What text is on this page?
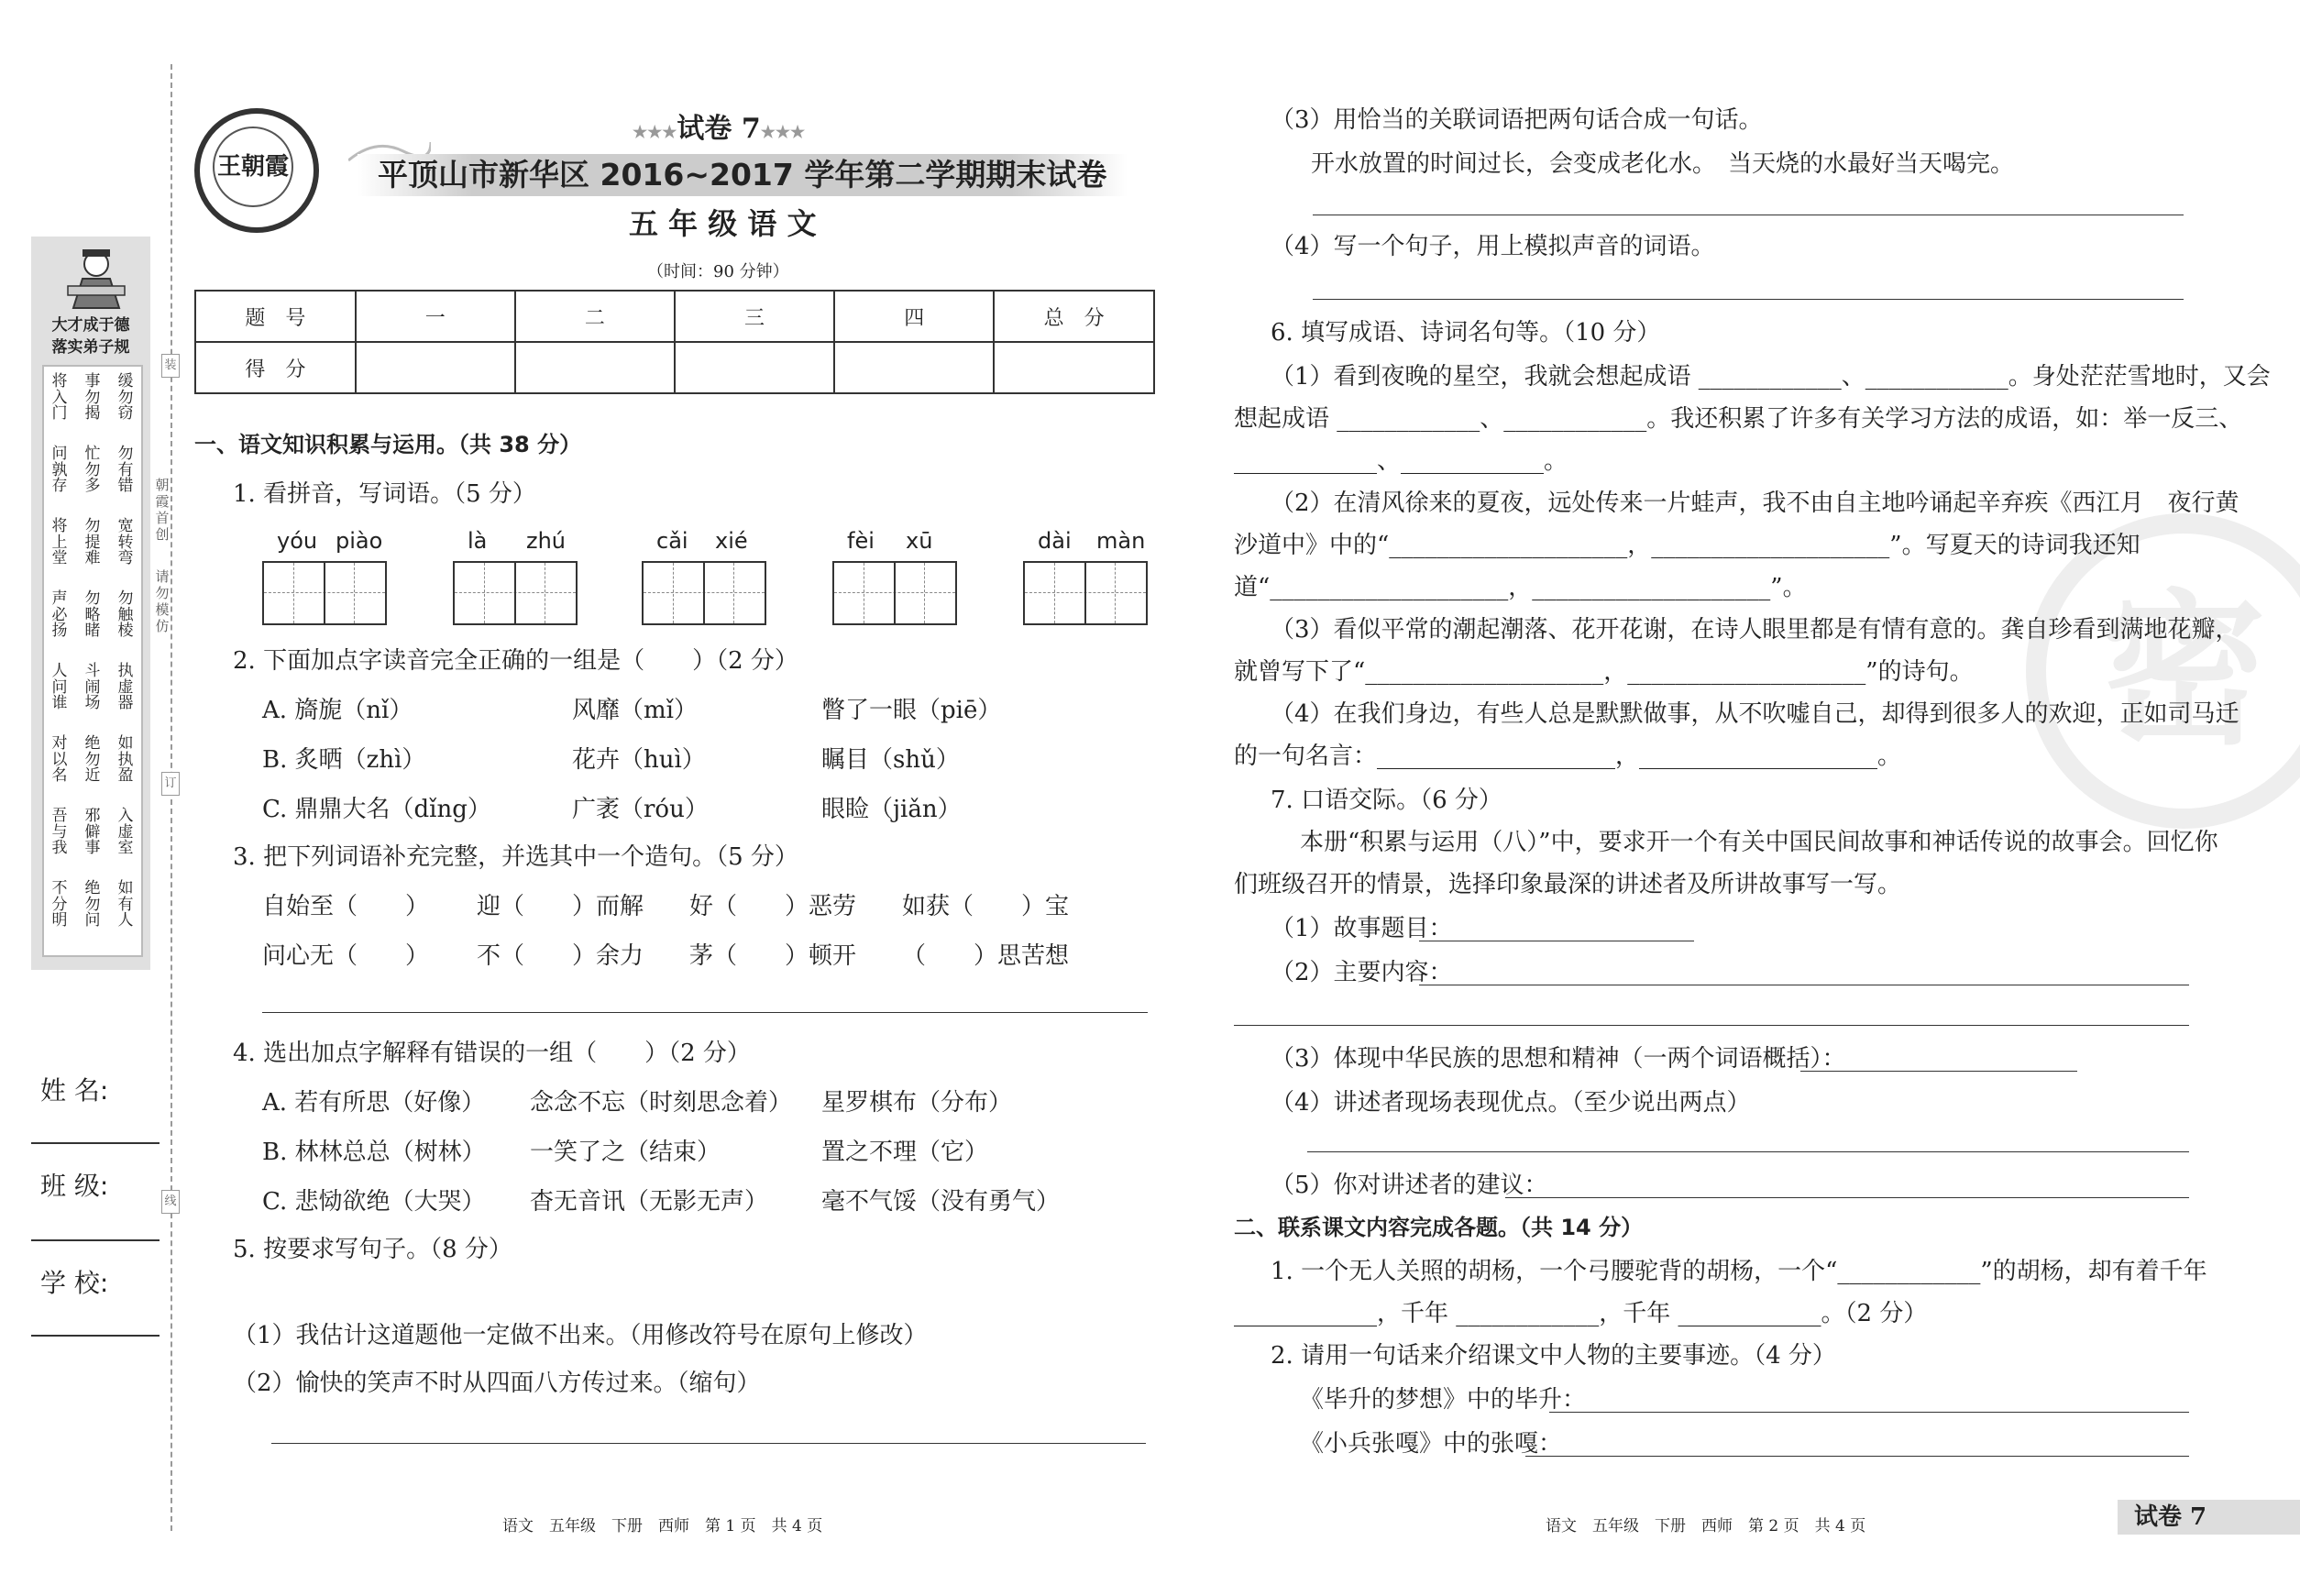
大才成于德
落实弟子规
将入门
事勿揭
缓勿窃
问孰存
忙勿多
勿有错
将上堂
勿提难
宽转弯
声必扬
勿略睹
勿触棱
人问谁
斗闹场
执虚器
对以名
绝勿近
如执盈
吾与我
邪僻事
入虚室
不分明
绝勿问
如有人
朝霞首创
请勿模仿
装
订
线
姓 名:
班 级:
学 校:
王朝霞
★★★试卷 7★★★
平顶山市新华区 2016~2017 学年第二学期期末试卷
五 年 级 语 文
（时间：90 分钟）
题　号	一	二	三	四	总　分
得　分					
一、语文知识积累与运用。（共 38 分）
1. 看拼音，写词语。（5 分）
yóu piào	là zhú	cǎi xié	fèi xū	dài màn
2. 下面加点字读音完全正确的一组是（　　）（2 分）
A. 旖旎（nǐ）	风靡（mǐ）	瞥了一眼（piē）
B. 炙晒（zhì）	花卉（huì）	瞩目（shǔ）
C. 鼎鼎大名（dǐng）	广袤（róu）	眼睑（jiǎn）
3. 把下列词语补充完整，并选其中一个造句。（5 分）
自始至（　　） 迎（　　）而解 好（　　）恶劳 如获（　　）宝
问心无（　　） 不（　　）余力 茅（　　）顿开 （　　）思苦想
4. 选出加点字解释有错误的一组（　　）（2 分）
A. 若有所思（好像） 念念不忘（时刻思念着） 星罗棋布（分布）
B. 林林总总（树林） 一笑了之（结束）	置之不理（它）
C. 悲恸欲绝（大哭） 杳无音讯（无影无声） 毫不气馁（没有勇气）
5. 按要求写句子。（8 分）
（1）我估计这道题他一定做不出来。（用修改符号在原句上修改）
（2）愉快的笑声不时从四面八方传过来。（缩句）
语文　五年级　下册　西师　第 1 页　共 4 页
密
（3）用恰当的关联词语把两句话合成一句话。
开水放置的时间过长，会变成老化水。　当天烧的水最好当天喝完。
（4）写一个句子，用上模拟声音的词语。
6. 填写成语、诗词名句等。（10 分）
（1）看到夜晚的星空，我就会想起成语 ____________、____________。身处茫茫雪地时，又会
想起成语 ____________、____________。我还积累了许多有关学习方法的成语，如：举一反三、
____________、____________。
（2）在清风徐来的夏夜，远处传来一片蛙声，我不由自主地吟诵起辛弃疾《西江月　夜行黄
沙道中》中的“____________________，____________________”。写夏天的诗词我还知
道“____________________，____________________”。
（3）看似平常的潮起潮落、花开花谢，在诗人眼里都是有情有意的。龚自珍看到满地花瓣，
就曾写下了“____________________，____________________”的诗句。
（4）在我们身边，有些人总是默默做事，从不吹嘘自己，却得到很多人的欢迎，正如司马迁
的一句名言：____________________，____________________。
7. 口语交际。（6 分）
本册“积累与运用（八）”中，要求开一个有关中国民间故事和神话传说的故事会。回忆你
们班级召开的情景，选择印象最深的讲述者及所讲故事写一写。
（1）故事题目：
（2）主要内容：
（3）体现中华民族的思想和精神（一两个词语概括）：
（4）讲述者现场表现优点。（至少说出两点）
（5）你对讲述者的建议：
二、联系课文内容完成各题。（共 14 分）
1. 一个无人关照的胡杨，一个弓腰驼背的胡杨，一个“____________”的胡杨，却有着千年
____________，千年 ____________，千年 ____________。（2 分）
2. 请用一句话来介绍课文中人物的主要事迹。（4 分）
《毕升的梦想》中的毕升：
《小兵张嘎》中的张嘎：
语文　五年级　下册　西师　第 2 页　共 4 页	试卷 7
